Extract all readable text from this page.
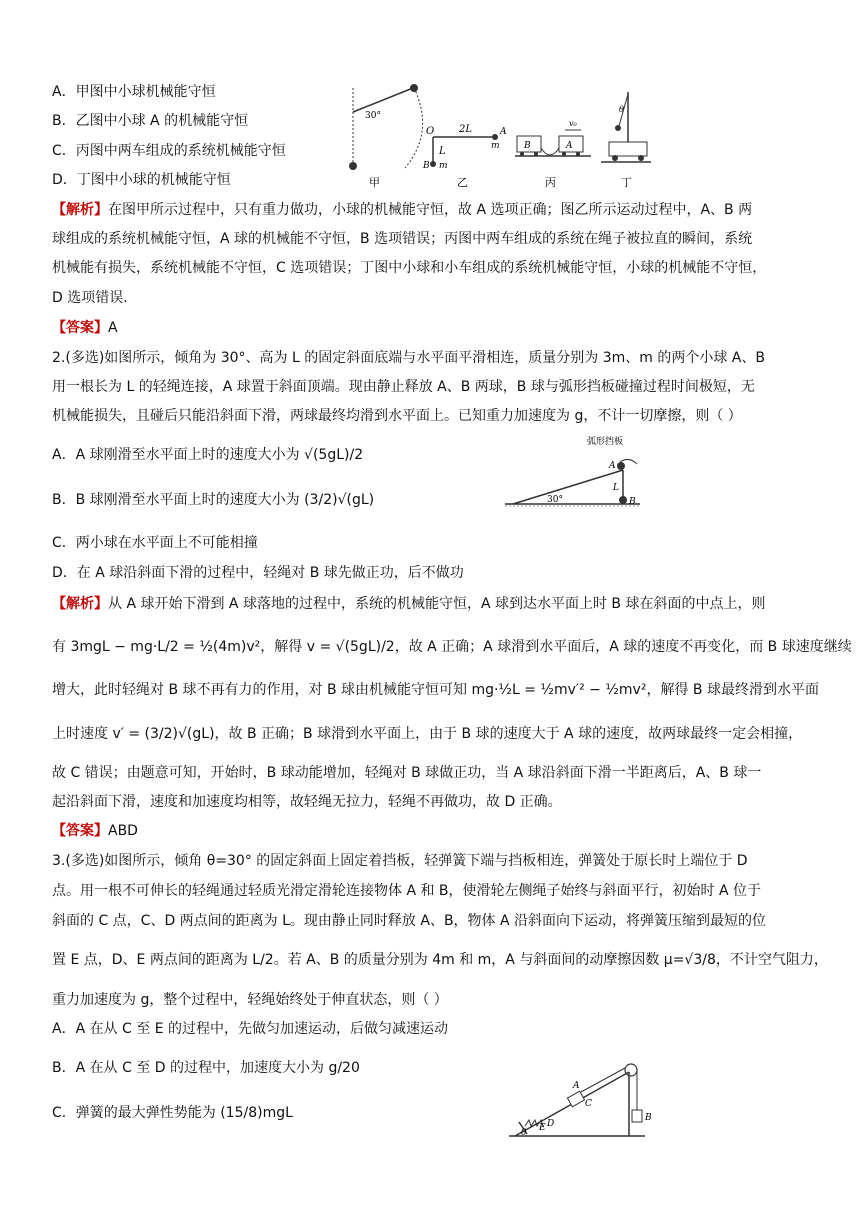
A．甲图中小球机械能守恒
B．乙图中小球 A 的机械能守恒
C．丙图中两车组成的系统机械能守恒
D．丁图中小球的机械能守恒
30°
甲
O 2L
L
A
m
B m
乙
B	A
v₀
丙
θ
丁
【解析】在图甲所示过程中，只有重力做功，小球的机械能守恒，故 A 选项正确；图乙所示运动过程中，A、B 两
球组成的系统机械能守恒，A 球的机械能不守恒，B 选项错误；丙图中两车组成的系统在绳子被拉直的瞬间，系统
机械能有损失，系统机械能不守恒，C 选项错误；丁图中小球和小车组成的系统机械能守恒，小球的机械能不守恒，
D 选项错误．
【答案】A
2.(多选)如图所示，倾角为 30°、高为 L 的固定斜面底端与水平面平滑相连，质量分别为 3m、m 的两个小球 A、B
用一根长为 L 的轻绳连接，A 球置于斜面顶端。现由静止释放 A、B 两球，B 球与弧形挡板碰撞过程时间极短，无
机械能损失，且碰后只能沿斜面下滑，两球最终均滑到水平面上。已知重力加速度为 g，不计一切摩擦，则（ ）
A．A 球刚滑至水平面上时的速度大小为 √(5gL)/2
B．B 球刚滑至水平面上时的速度大小为 (3/2)√(gL)
C．两小球在水平面上不可能相撞
D．在 A 球沿斜面下滑的过程中，轻绳对 B 球先做正功，后不做功
弧形挡板
A
B
L
30°
【解析】从 A 球开始下滑到 A 球落地的过程中，系统的机械能守恒，A 球到达水平面上时 B 球在斜面的中点上，则
有 3mgL − mg·L/2 = ½(4m)v²，解得 v = √(5gL)/2，故 A 正确；A 球滑到水平面后，A 球的速度不再变化，而 B 球速度继续
增大，此时轻绳对 B 球不再有力的作用，对 B 球由机械能守恒可知 mg·½L = ½mv′² − ½mv²，解得 B 球最终滑到水平面
上时速度 v′ = (3/2)√(gL)，故 B 正确；B 球滑到水平面上，由于 B 球的速度大于 A 球的速度，故两球最终一定会相撞，
故 C 错误；由题意可知，开始时，B 球动能增加，轻绳对 B 球做正功，当 A 球沿斜面下滑一半距离后，A、B 球一
起沿斜面下滑，速度和加速度均相等，故轻绳无拉力，轻绳不再做功，故 D 正确。
【答案】ABD
3.(多选)如图所示，倾角 θ=30° 的固定斜面上固定着挡板，轻弹簧下端与挡板相连，弹簧处于原长时上端位于 D
点。用一根不可伸长的轻绳通过轻质光滑定滑轮连接物体 A 和 B，使滑轮左侧绳子始终与斜面平行，初始时 A 位于
斜面的 C 点，C、D 两点间的距离为 L。现由静止同时释放 A、B，物体 A 沿斜面向下运动，将弹簧压缩到最短的位
置 E 点，D、E 两点间的距离为 L/2。若 A、B 的质量分别为 4m 和 m，A 与斜面间的动摩擦因数 μ=√3/8，不计空气阻力，
重力加速度为 g，整个过程中，轻绳始终处于伸直状态，则（ ）
A．A 在从 C 至 E 的过程中，先做匀加速运动，后做匀减速运动
B．A 在从 C 至 D 的过程中，加速度大小为 g/20
C．弹簧的最大弹性势能为 (15/8)mgL	B
A
C
D
E
θ
